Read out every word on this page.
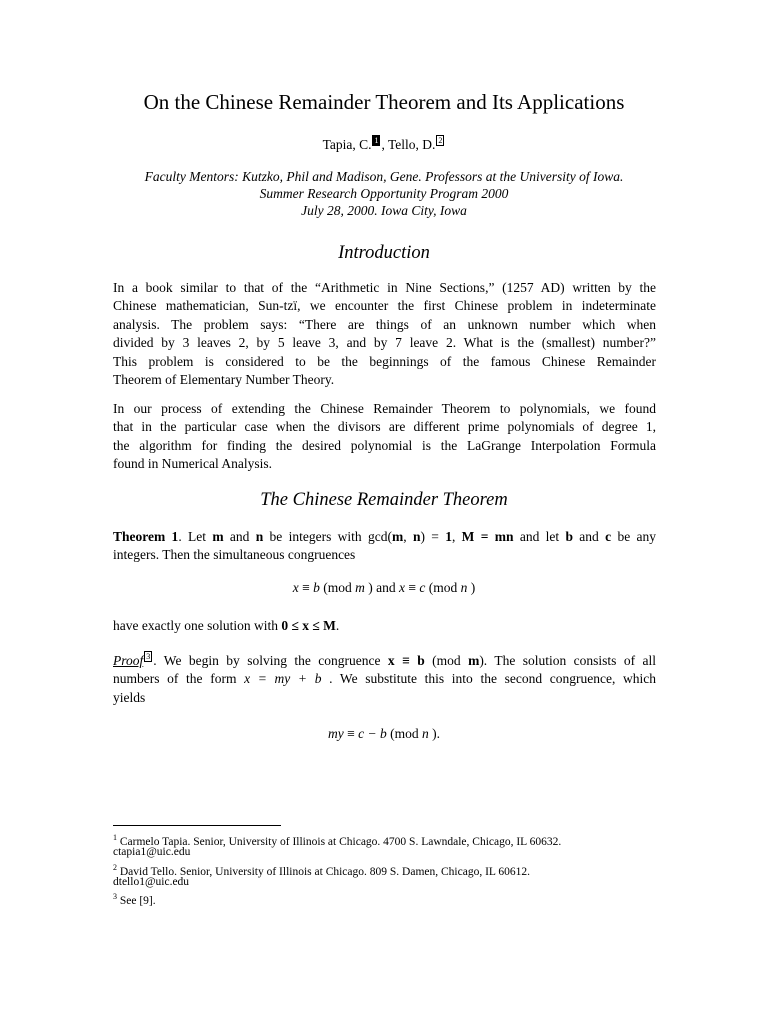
On the Chinese Remainder Theorem and Its Applications
Tapia, C. 1 , Tello, D. 2
Faculty Mentors: Kutzko, Phil and Madison, Gene. Professors at the University of Iowa.
Summer Research Opportunity Program 2000
July 28, 2000. Iowa City, Iowa
Introduction
In a book similar to that of the “Arithmetic in Nine Sections,” (1257 AD) written by the
Chinese mathematician, Sun-tzï, we encounter the first Chinese problem in indeterminate
analysis. The problem says: “There are things of an unknown number which when
divided by 3 leaves 2, by 5 leave 3, and by 7 leave 2. What is the (smallest) number?”
This problem is considered to be the beginnings of the famous Chinese Remainder
Theorem of Elementary Number Theory.
In our process of extending the Chinese Remainder Theorem to polynomials, we found
that in the particular case when the divisors are different prime polynomials of degree 1,
the algorithm for finding the desired polynomial is the LaGrange Interpolation Formula
found in Numerical Analysis.
The Chinese Remainder Theorem
Theorem 1. Let m and n be integers with gcd(m, n) = 1, M = mn and let b and c be any
integers. Then the simultaneous congruences
x ≡ b (mod m ) and x ≡ c (mod n )
have exactly one solution with 0 ≤ x ≤ M.
Proof 3 . We begin by solving the congruence x ≡ b (mod m). The solution consists of all
numbers of the form x = my + b . We substitute this into the second congruence, which
yields
my ≡ c − b (mod n ).
$^1$ Carmelo Tapia. Senior, University of Illinois at Chicago. 4700 S. Lawndale, Chicago, IL 60632.
ctapia1@uic.edu
$^2$ David Tello. Senior, University of Illinois at Chicago. 809 S. Damen, Chicago, IL 60612.
dtello1@uic.edu
$^3$ See [9].
